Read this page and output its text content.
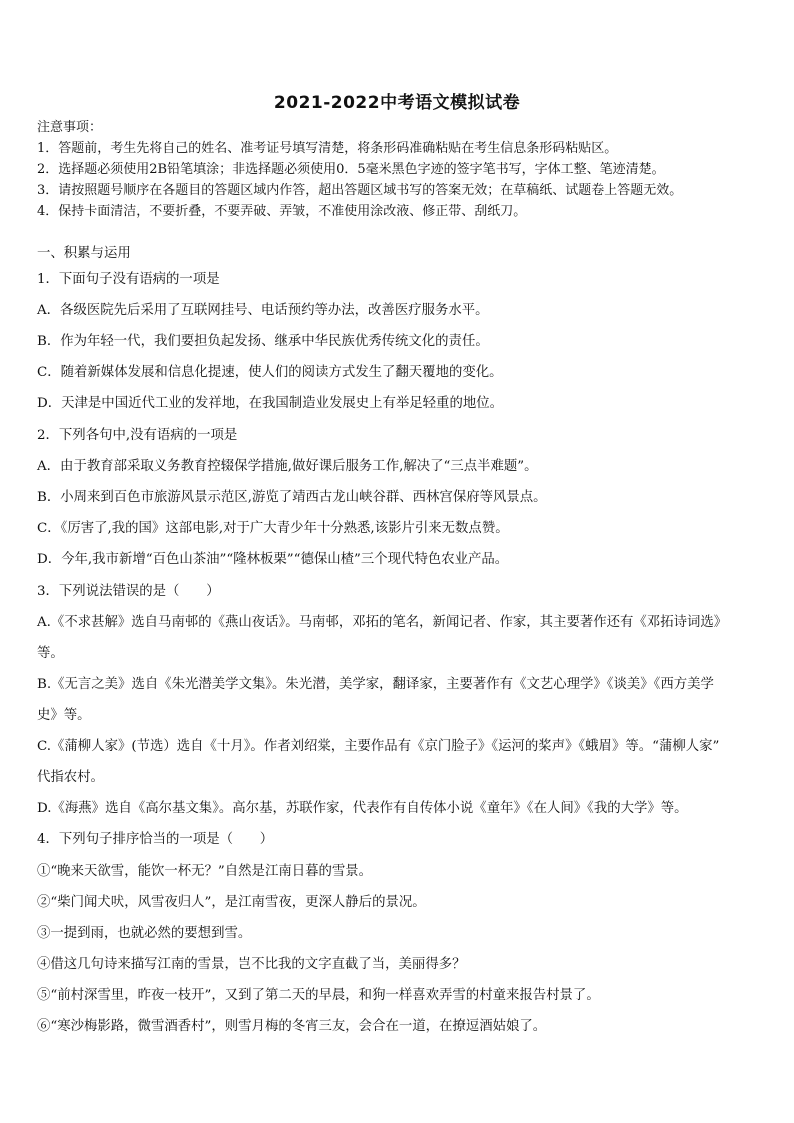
2021-2022中考语文模拟试卷
注意事项：
1．答题前，考生先将自己的姓名、准考证号填写清楚，将条形码准确粘贴在考生信息条形码粘贴区。
2．选择题必须使用2B铅笔填涂；非选择题必须使用0．5毫米黑色字迹的签字笔书写，字体工整、笔迹清楚。
3．请按照题号顺序在各题目的答题区域内作答，超出答题区域书写的答案无效；在草稿纸、试题卷上答题无效。
4．保持卡面清洁，不要折叠，不要弄破、弄皱，不准使用涂改液、修正带、刮纸刀。
一、积累与运用
1．下面句子没有语病的一项是
A．各级医院先后采用了互联网挂号、电话预约等办法，改善医疗服务水平。
B．作为年轻一代，我们要担负起发扬、继承中华民族优秀传统文化的责任。
C．随着新媒体发展和信息化提速，使人们的阅读方式发生了翻天覆地的变化。
D．天津是中国近代工业的发祥地，在我国制造业发展史上有举足轻重的地位。
2．下列各句中,没有语病的一项是
A．由于教育部采取义务教育控辍保学措施,做好课后服务工作,解决了“三点半难题”。
B．小周来到百色市旅游风景示范区,游览了靖西古龙山峡谷群、西林宫保府等风景点。
C．《厉害了,我的国》这部电影,对于广大青少年十分熟悉,该影片引来无数点赞。
D．今年,我市新增“百色山茶油”“隆林板栗”“德保山楂”三个现代特色农业产品。
3．下列说法错误的是（　　）
A.《不求甚解》选自马南邨的《燕山夜话》。马南邨，邓拓的笔名，新闻记者、作家，其主要著作还有《邓拓诗词选》
等。
B.《无言之美》选自《朱光潜美学文集》。朱光潜，美学家，翻译家，主要著作有《文艺心理学》《谈美》《西方美学
史》等。
C.《蒲柳人家》(节选）选自《十月》。作者刘绍棠，主要作品有《京门脸子》《运河的桨声》《蛾眉》等。“蒲柳人家”
代指农村。
D.《海燕》选自《高尔基文集》。高尔基，苏联作家，代表作有自传体小说《童年》《在人间》《我的大学》等。
4．下列句子排序恰当的一项是（　　）
①“晚来天欲雪，能饮一杯无？”自然是江南日暮的雪景。
②“柴门闻犬吠，风雪夜归人”，是江南雪夜，更深人静后的景况。
③一提到雨，也就必然的要想到雪。
④借这几句诗来描写江南的雪景，岂不比我的文字直截了当，美丽得多？
⑤“前村深雪里，昨夜一枝开”，又到了第二天的早晨，和狗一样喜欢弄雪的村童来报告村景了。
⑥“寒沙梅影路，微雪酒香村”，则雪月梅的冬宵三友，会合在一道，在撩逗酒姑娘了。
